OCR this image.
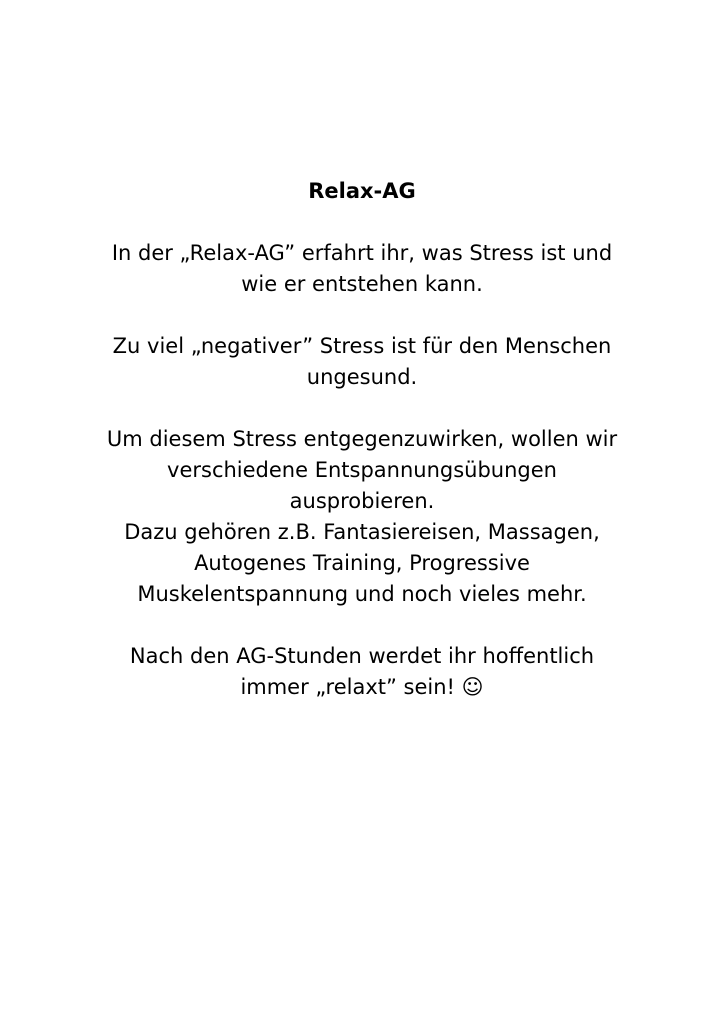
Relax-AG
In der „Relax-AG” erfahrt ihr, was Stress ist und
wie er entstehen kann.
Zu viel „negativer” Stress ist für den Menschen
ungesund.
Um diesem Stress entgegenzuwirken, wollen wir
verschiedene Entspannungsübungen
ausprobieren.
Dazu gehören z.B. Fantasiereisen, Massagen,
Autogenes Training, Progressive
Muskelentspannung und noch vieles mehr.
Nach den AG-Stunden werdet ihr hoffentlich
immer „relaxt” sein! ☺
